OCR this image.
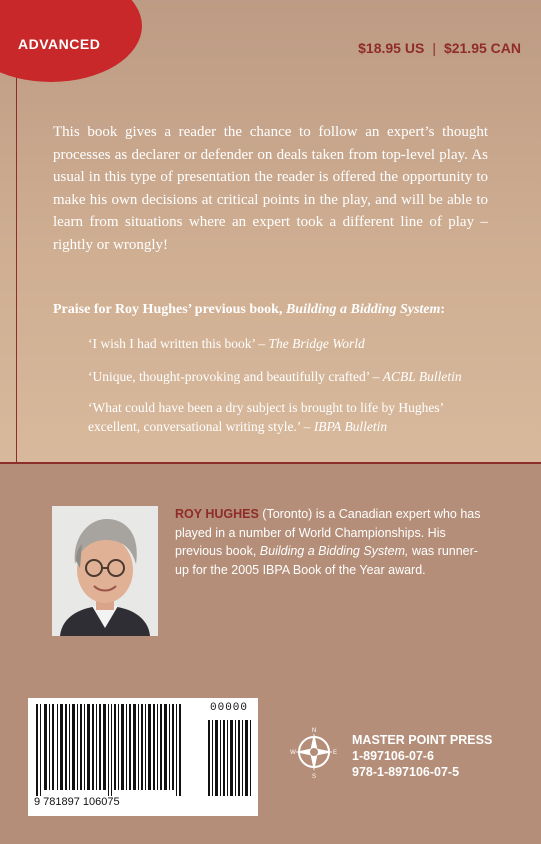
ADVANCED	$18.95 US | $21.95 CAN
This book gives a reader the chance to follow an expert’s thought processes as declarer or defender on deals taken from top-level play. As usual in this type of presentation the reader is offered the opportunity to make his own decisions at critical points in the play, and will be able to learn from situations where an expert took a different line of play – rightly or wrongly!
Praise for Roy Hughes’ previous book, Building a Bidding System:
‘I wish I had written this book’ – The Bridge World
‘Unique, thought-provoking and beautifully crafted’ – ACBL Bulletin
‘What could have been a dry subject is brought to life by Hughes’ excellent, conversational writing style.’ – IBPA Bulletin
ROY HUGHES (Toronto) is a Canadian expert who has played in a number of World Championships. His previous book, Building a Bidding System, was runner-up for the 2005 IBPA Book of the Year award.
00000
9 781897 106075
N
E
S
W
MASTER POINT PRESS
1-897106-07-6
978-1-897106-07-5
